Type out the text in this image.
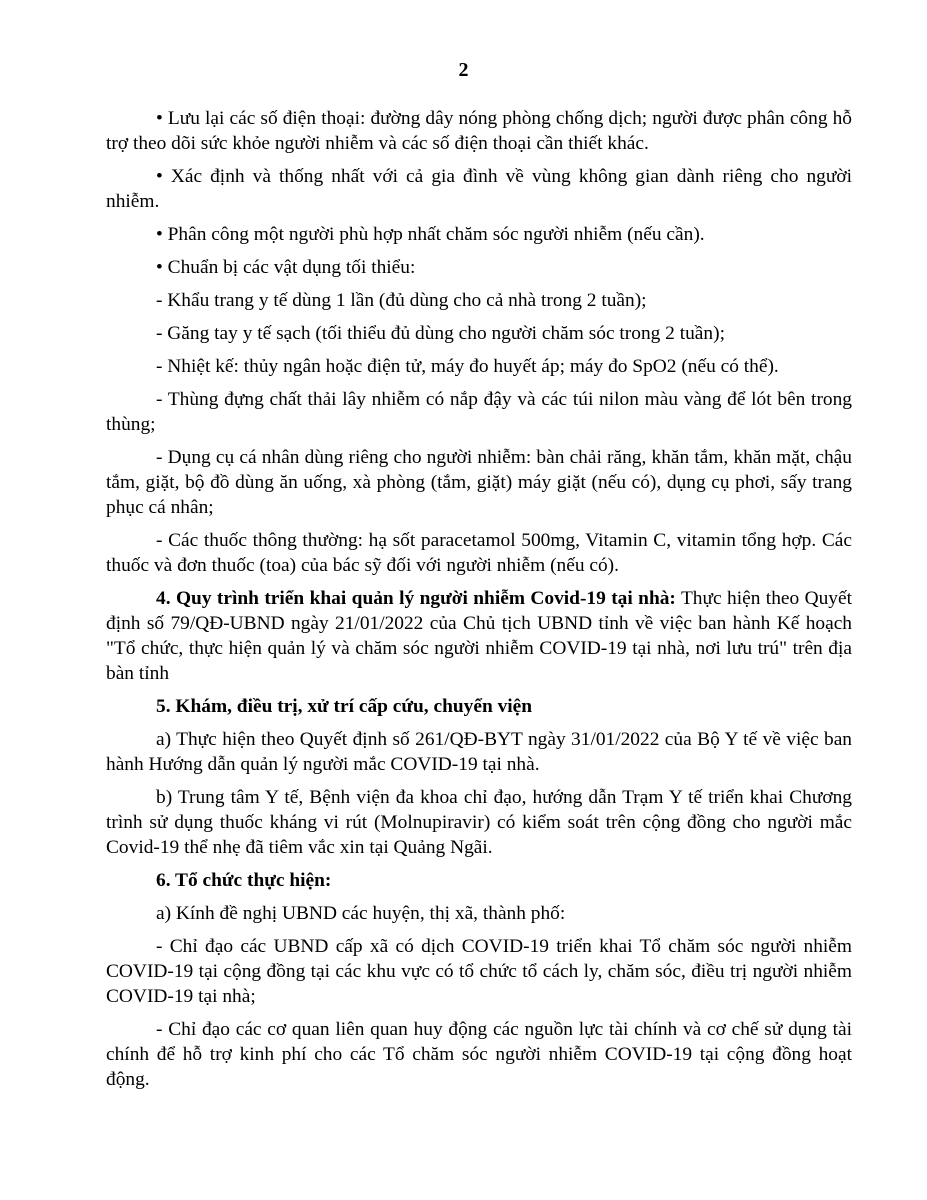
2

• Lưu lại các số điện thoại: đường dây nóng phòng chống dịch; người được phân công hỗ trợ theo dõi sức khỏe người nhiễm và các số điện thoại cần thiết khác.

• Xác định và thống nhất với cả gia đình về vùng không gian dành riêng cho người nhiễm.

• Phân công một người phù hợp nhất chăm sóc người nhiễm (nếu cần).

• Chuẩn bị các vật dụng tối thiểu:

- Khẩu trang y tế dùng 1 lần (đủ dùng cho cả nhà trong 2 tuần);

- Găng tay y tế sạch (tối thiểu đủ dùng cho người chăm sóc trong 2 tuần);

- Nhiệt kế: thủy ngân hoặc điện tử, máy đo huyết áp; máy đo SpO2 (nếu có thể).

- Thùng đựng chất thải lây nhiễm có nắp đậy và các túi nilon màu vàng để lót bên trong thùng;

- Dụng cụ cá nhân dùng riêng cho người nhiễm: bàn chải răng, khăn tắm, khăn mặt, chậu tắm, giặt, bộ đồ dùng ăn uống, xà phòng (tắm, giặt) máy giặt (nếu có), dụng cụ phơi, sấy trang phục cá nhân;

- Các thuốc thông thường: hạ sốt paracetamol 500mg, Vitamin C, vitamin tổng hợp. Các thuốc và đơn thuốc (toa) của bác sỹ đối với người nhiễm (nếu có).

4. Quy trình triển khai quản lý người nhiễm Covid-19 tại nhà: Thực hiện theo Quyết định số 79/QĐ-UBND ngày 21/01/2022 của Chủ tịch UBND tỉnh về việc ban hành Kế hoạch "Tổ chức, thực hiện quản lý và chăm sóc người nhiễm COVID-19 tại nhà, nơi lưu trú" trên địa bàn tỉnh

5. Khám, điều trị, xử trí cấp cứu, chuyển viện

a) Thực hiện theo Quyết định số 261/QĐ-BYT ngày 31/01/2022 của Bộ Y tế về việc ban hành Hướng dẫn quản lý người mắc COVID-19 tại nhà.

b) Trung tâm Y tế, Bệnh viện đa khoa chỉ đạo, hướng dẫn Trạm Y tế triển khai Chương trình sử dụng thuốc kháng vi rút (Molnupiravir) có kiểm soát trên cộng đồng cho người mắc Covid-19 thể nhẹ đã tiêm vắc xin tại Quảng Ngãi.

6. Tổ chức thực hiện:

a) Kính đề nghị UBND các huyện, thị xã, thành phố:

- Chỉ đạo các UBND cấp xã có dịch COVID-19 triển khai Tổ chăm sóc người nhiễm COVID-19 tại cộng đồng tại các khu vực có tổ chức tổ cách ly, chăm sóc, điều trị người nhiễm COVID-19 tại nhà;

- Chỉ đạo các cơ quan liên quan huy động các nguồn lực tài chính và cơ chế sử dụng tài chính để hỗ trợ kinh phí cho các Tổ chăm sóc người nhiễm COVID-19 tại cộng đồng hoạt động.
